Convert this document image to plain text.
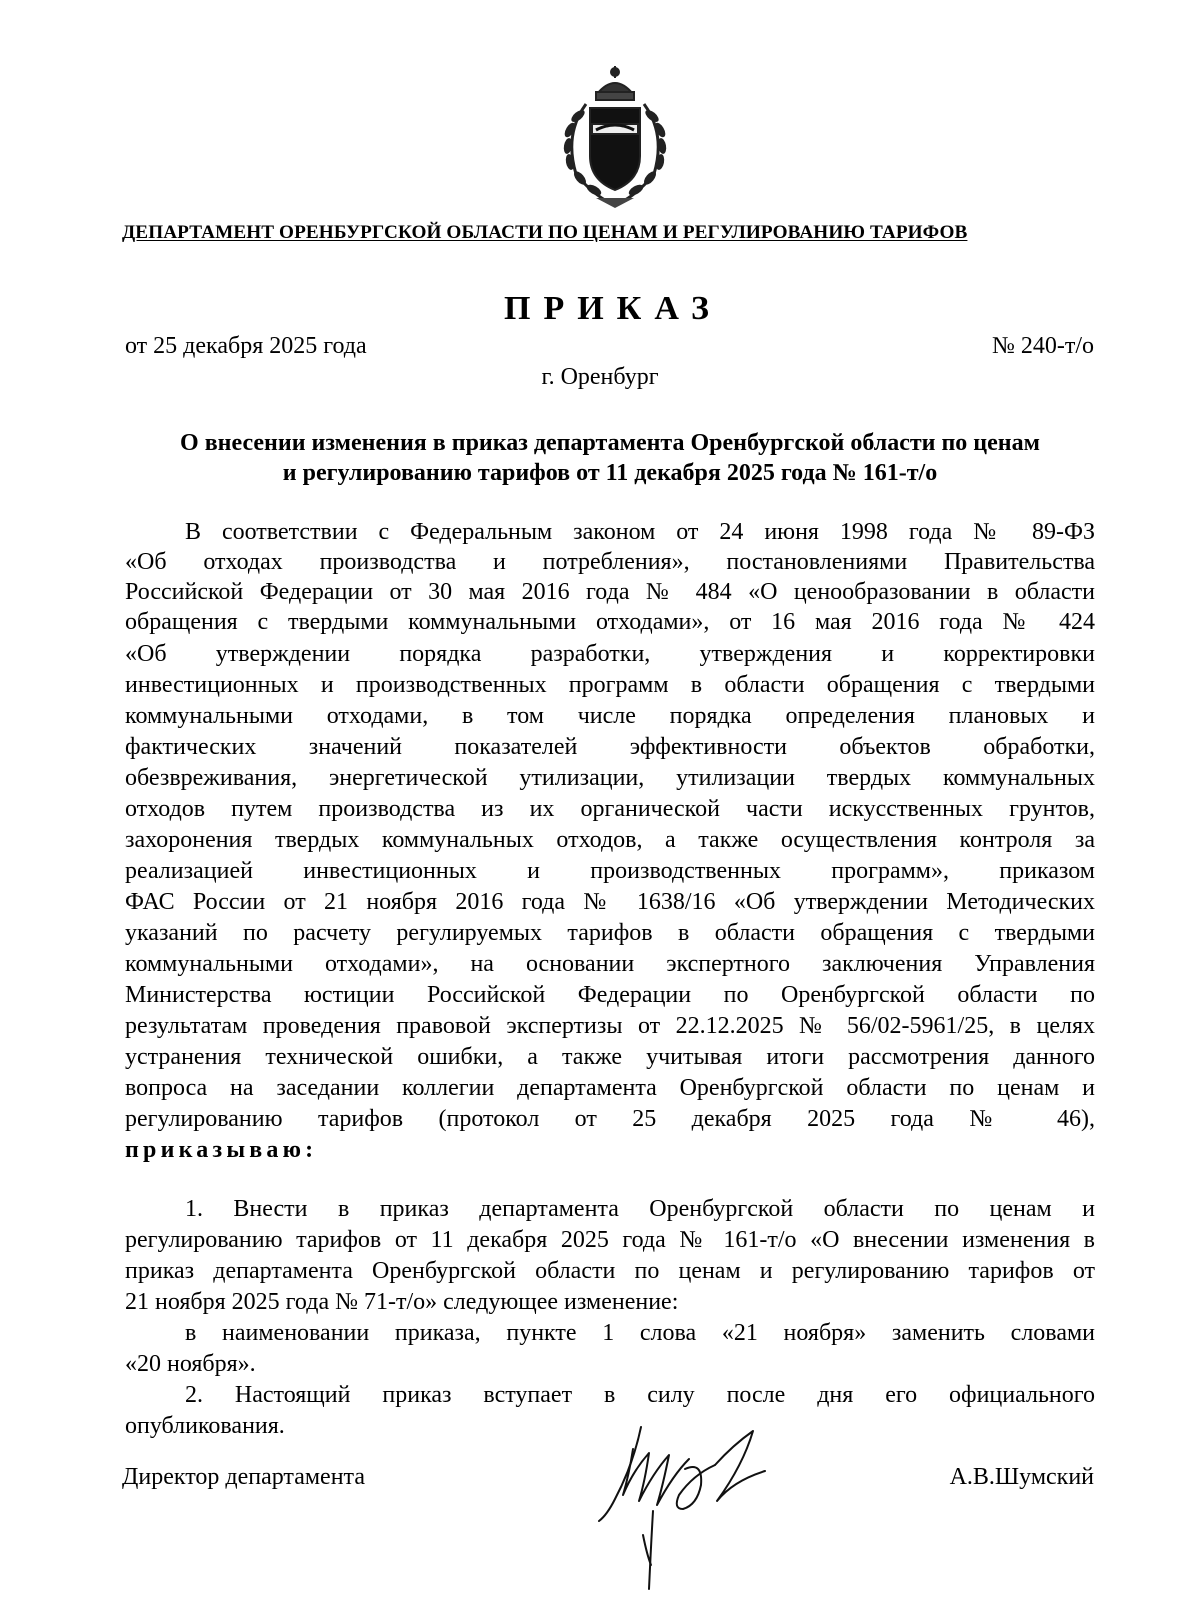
ДЕПАРТАМЕНТ ОРЕНБУРГСКОЙ ОБЛАСТИ ПО ЦЕНАМ И РЕГУЛИРОВАНИЮ ТАРИФОВ
ПРИКАЗ
от 25 декабря 2025 года	№ 240-т/о
г. Оренбург
О внесении изменения в приказ департамента Оренбургской области по ценам
и регулированию тарифов от 11 декабря 2025 года № 161-т/о
В соответствии с Федеральным законом от 24 июня 1998 года № 89-ФЗ
«Об отходах производства и потребления», постановлениями Правительства
Российской Федерации от 30 мая 2016 года № 484 «О ценообразовании в области
обращения с твердыми коммунальными отходами», от 16 мая 2016 года № 424
«Об утверждении порядка разработки, утверждения и корректировки
инвестиционных и производственных программ в области обращения с твердыми
коммунальными отходами, в том числе порядка определения плановых и
фактических значений показателей эффективности объектов обработки,
обезвреживания, энергетической утилизации, утилизации твердых коммунальных
отходов путем производства из их органической части искусственных грунтов,
захоронения твердых коммунальных отходов, а также осуществления контроля за
реализацией инвестиционных и производственных программ», приказом
ФАС России от 21 ноября 2016 года № 1638/16 «Об утверждении Методических
указаний по расчету регулируемых тарифов в области обращения с твердыми
коммунальными отходами», на основании экспертного заключения Управления
Министерства юстиции Российской Федерации по Оренбургской области по
результатам проведения правовой экспертизы от 22.12.2025 № 56/02-5961/25, в целях
устранения технической ошибки, а также учитывая итоги рассмотрения данного
вопроса на заседании коллегии департамента Оренбургской области по ценам и
регулированию тарифов (протокол от 25 декабря 2025 года № 46),
приказываю:
1. Внести в приказ департамента Оренбургской области по ценам и
регулированию тарифов от 11 декабря 2025 года № 161-т/о «О внесении изменения в
приказ департамента Оренбургской области по ценам и регулированию тарифов от
21 ноября 2025 года № 71-т/о» следующее изменение:
в наименовании приказа, пункте 1 слова «21 ноября» заменить словами
«20 ноября».
2. Настоящий приказ вступает в силу после дня его официального
опубликования.
Директор департамента	А.В.Шумский
